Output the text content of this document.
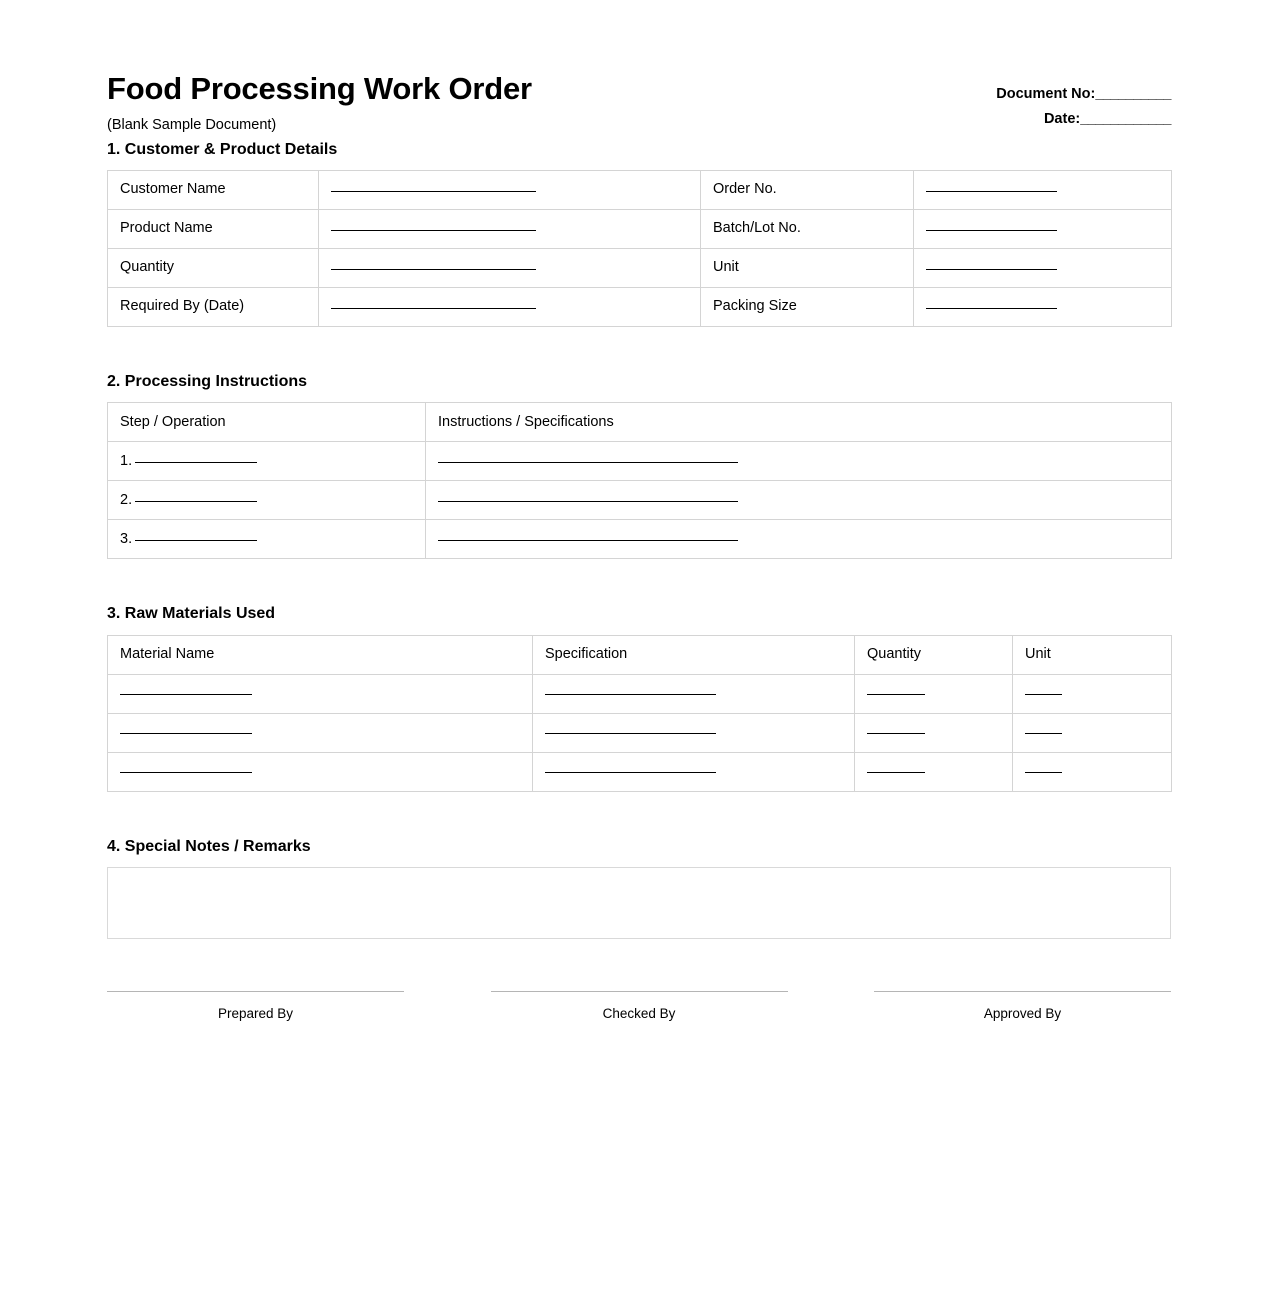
Food Processing Work Order

(Blank Sample Document)

Document No:__________
Date:____________
1. Customer & Product Details
Customer Name		Order No.	
Product Name		Batch/Lot No.	
Quantity		Unit	
Required By (Date)		Packing Size	
2. Processing Instructions
Step / Operation	Instructions / Specifications
1.	
2.	
3.	
3. Raw Materials Used
Material Name	Specification	Quantity	Unit

4. Special Notes / Remarks
Prepared By	Checked By	Approved By
